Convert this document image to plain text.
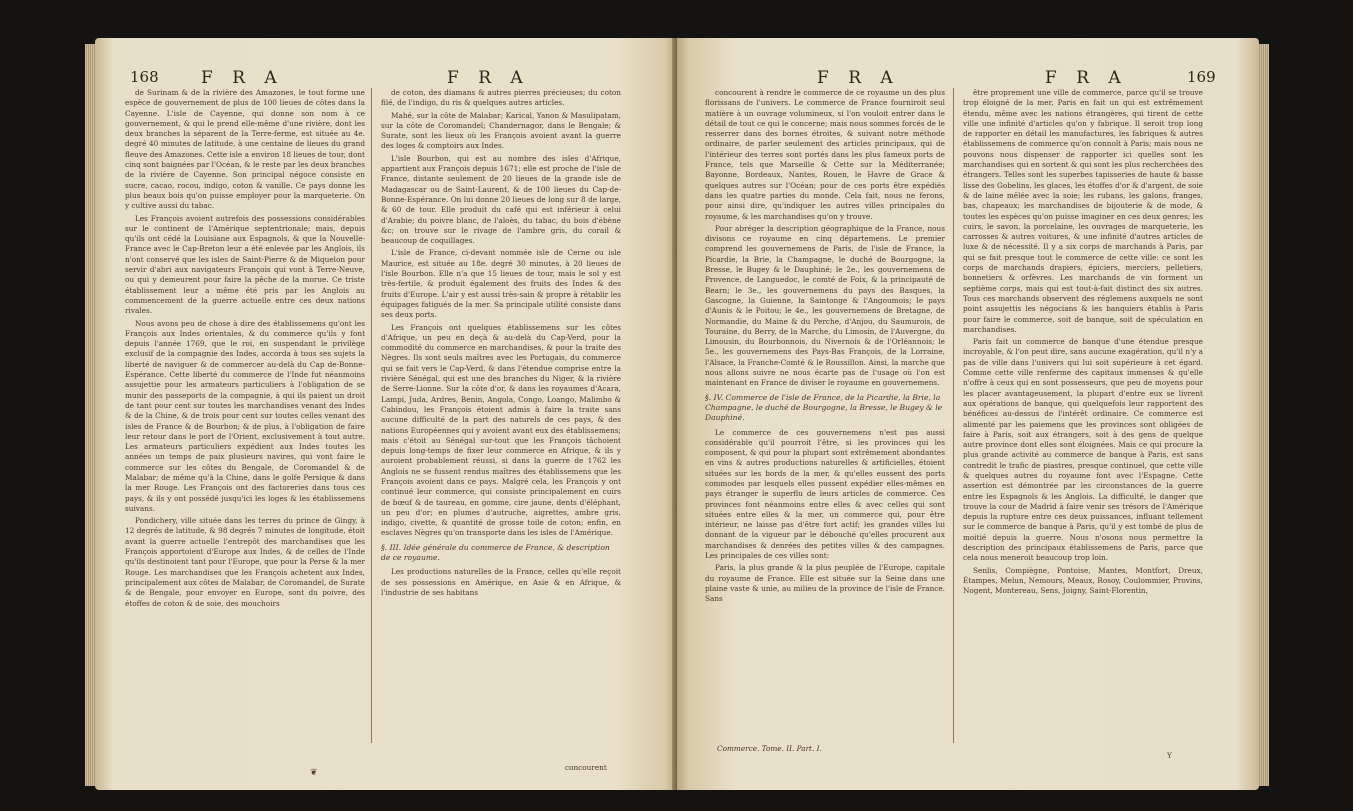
168 F R A	F R A

de Surinam & de la rivière des Amazones, le tout forme une espèce de gouvernement de plus de 100 lieues de côtes dans la Cayenne. L'isle de Cayenne, qui donne son nom à ce gouvernement, & qui le prend elle-même d'une rivière, dont les deux branches la séparent de la Terre-ferme, est située au 4e. degré 40 minutes de latitude, à une centaine de lieues du grand fleuve des Amazones. Cette isle a environ 18 lieues de tour, dont cinq sont baignées par l'Océan, & le reste par les deux branches de la rivière de Cayenne. Son principal négoce consiste en sucre, cacao, rocou, indigo, coton & vanille. Ce pays donne les plus beaux bois qu'on puisse employer pour la marqueterie. On y cultive aussi du tabac.

Les François avoient autrefois des possessions considérables sur le continent de l'Amérique septentrionale; mais, depuis qu'ils ont cédé la Louisiane aux Espagnols, & que la Nouvelle-France avec le Cap-Breton leur a été enlevée par les Anglois, ils n'ont conservé que les isles de Saint-Pierre & de Miquelon pour servir d'abri aux navigateurs François qui vont à Terre-Neuve, ou qui y demeurent pour faire la pêche de la morue. Ce triste établissement leur a même été pris par les Anglois au commencement de la guerre actuelle entre ces deux nations rivales.

Nous avons peu de chose à dire des établissemens qu'ont les François aux Indes orientales, & du commerce qu'ils y font depuis l'année 1769, que le roi, en suspendant le privilège exclusif de la compagnie des Indes, accorda à tous ses sujets la liberté de naviguer & de commercer au-delà du Cap de-Bonne-Espérance. Cette liberté du commerce de l'Inde fut néanmoins assujettie pour les armateurs particuliers à l'obligation de se munir des passeports de la compagnie, à qui ils paient un droit de tant pour cent sur toutes les marchandises venant des Indes & de la Chine, & de trois pour cent sur toutes celles venant des isles de France & de Bourbon; & de plus, à l'obligation de faire leur retour dans le port de l'Orient, exclusivement à tout autre. Les armateurs particuliers expédient aux Indes toutes les années un temps de paix plusieurs navires, qui vont faire le commerce sur les côtes du Bengale, de Coromandel & de Malabar; de même qu'à la Chine, dans le golfe Persique & dans la mer Rouge. Les François ont des factoreries dans tous ces pays, & ils y ont possédé jusqu'ici les loges & les établissemens suivans.

Pondichery, ville située dans les terres du prince de Gingy, à 12 degrés de latitude, & 98 degrés 7 minutes de longitude, étoit avant la guerre actuelle l'entrepôt des marchandises que les François apportoient d'Europe aux Indes, & de celles de l'Inde qu'ils destinoient tant pour l'Europe, que pour la Perse & la mer Rouge. Les marchandises que les François achetent aux Indes, principalement aux côtes de Malabar, de Coromandel, de Surate & de Bengale, pour envoyer en Europe, sont du poivre, des étoffes de coton & de soie, des mouchoirs

de coton, des diamans & autres pierres précieuses; du coton filé, de l'indigo, du ris & quelques autres articles.

Mahé, sur la côte de Malabar; Karical, Yanon & Masulipatam, sur la côte de Coromandel; Chandernagor, dans le Bengale; & Surate, sont les lieux où les François avoient avant la guerre des loges & comptoirs aux Indes.

L'isle Bourbon, qui est au nombre des isles d'Afrique, appartient aux François depuis 1671; elle est proche de l'isle de France, distante seulement de 20 lieues de la grande isle de Madagascar ou de Saint-Laurent, & de 100 lieues du Cap-de-Bonne-Espérance. On lui donne 20 lieues de long sur 8 de large, & 60 de tour. Elle produit du café qui est inférieur à celui d'Arabie; du poivre blanc, de l'aloès, du tabac, du bois d'ébène &c; on trouve sur le rivage de l'ambre gris, du corail & beaucoup de coquillages.

L'isle de France, ci-devant nommée isle de Cerne ou isle Maurice, est située au 18e. degré 30 minutes, à 20 lieues de l'isle Bourbon. Elle n'a que 15 lieues de tour, mais le sol y est très-fertile, & produit également des fruits des Indes & des fruits d'Europe. L'air y est aussi très-sain & propre à rétablir les équipages fatigués de la mer. Sa principale utilité consiste dans ses deux ports.

Les François ont quelques établissemens sur les côtes d'Afrique, un peu en deçà & au-delà du Cap-Verd, pour la commodité du commerce en marchandises, & pour la traite des Nègres. Ils sont seuls maîtres avec les Portugais, du commerce qui se fait vers le Cap-Verd, & dans l'étendue comprise entre la rivière Sénégal, qui est une des branches du Niger, & la rivière de Serre-Lionne. Sur la côte d'or, & dans les royaumes d'Acara, Lampi, Juda, Ardres, Benin, Angola, Congo, Loango, Malimbo & Cabindou, les François étoient admis à faire la traite sans aucune difficulté de la part des naturels de ces pays, & des nations Européennes qui y avoient avant eux des établissemens; mais c'étoit au Sénégal sur-tout que les François tâchoient depuis long-temps de fixer leur commerce en Afrique, & ils y auroient probablement réussi, si dans la guerre de 1762 les Anglois ne se fussent rendus maîtres des établissemens que les François avoient dans ce pays. Malgré cela, les François y ont continué leur commerce, qui consiste principalement en cuirs de bœuf & de taureau, en gomme, cire jaune, dents d'éléphant, un peu d'or; en plumes d'autruche, aigrettes, ambre gris, indigo, civette, & quantité de grosse toile de coton; enfin, en esclaves Nègres qu'on transporte dans les isles de l'Amérique.

§. III. Idée générale du commerce de France, & description de ce royaume.

Les productions naturelles de la France, celles qu'elle reçoit de ses possessions en Amérique, en Asie & en Afrique, & l'industrie de ses habitans

concourent
❦
F R A	F R A	169

concourent à rendre le commerce de ce royaume un des plus florissans de l'univers. Le commerce de France fourniroit seul matière à un ouvrage volumineux, si l'on vouloit entrer dans le détail de tout ce qui le concerne; mais nous sommes forcés de le resserrer dans des bornes étroites, & suivant notre méthode ordinaire, de parler seulement des articles principaux, qui de l'intérieur des terres sont portés dans les plus fameux ports de France, tels que Marseille & Cette sur la Méditerranée; Bayonne, Bordeaux, Nantes, Rouen, le Havre de Grace & quelques autres sur l'Océan; pour de ces ports être expédiés dans les quatre parties du monde. Cela fait, nous ne ferons, pour ainsi dire, qu'indiquer les autres villes principales du royaume, & les marchandises qu'on y trouve.

Pour abréger la description géographique de la France, nous divisons ce royaume en cinq départemens. Le premier comprend les gouvernemens de Paris, de l'isle de France, la Picardie, la Brie, la Champagne, le duché de Bourgogne, la Bresse, le Bugey & le Dauphiné; le 2e., les gouvernemens de Provence, de Languedoc, le comté de Foix, & la principauté de Bearn; le 3e., les gouvernemens du pays des Basques, la Gascogne, la Guienne, la Saintonge & l'Angoumois; le pays d'Aunis & le Poitou; le 4e., les gouvernemens de Bretagne, de Normandie, du Maine & du Perche, d'Anjou, du Saumurois, de Touraine, du Berry, de la Marche, du Limosin, de l'Auvergne, du Limousin, du Bourbonnois, du Nivernois & de l'Orléannois; le 5e., les gouvernemens des Pays-Bas François, de la Lorraine, l'Alsace, la Franche-Comté & le Roussillon. Ainsi, la marche que nous allons suivre ne nous écarte pas de l'usage où l'on est maintenant en France de diviser le royaume en gouvernemens.

§. IV. Commerce de l'isle de France, de la Picardie, la Brie, la Champagne, le duché de Bourgogne, la Bresse, le Bugey & le Dauphiné.

Le commerce de ces gouvernemens n'est pas aussi considérable qu'il pourroit l'être, si les provinces qui les composent, & qui pour la plupart sont extrêmement abondantes en vins & autres productions naturelles & artificielles, étoient situées sur les bords de la mer, & qu'elles eussent des ports commodes par lesquels elles pussent expédier elles-mêmes en pays étranger le superflu de leurs articles de commerce. Ces provinces font néanmoins entre elles & avec celles qui sont situées entre elles & la mer, un commerce qui, pour être intérieur, ne laisse pas d'être fort actif; les grandes villes lui donnant de la vigueur par le débouché qu'elles procurent aux marchandises & denrées des petites villes & des campagnes. Les principales de ces villes sont:

Paris, la plus grande & la plus peuplée de l'Europe, capitale du royaume de France. Elle est située sur la Seine dans une plaine vaste & unie, au milieu de la province de l'isle de France. Sans

Commerce. Tome. II. Part. I.

être proprement une ville de commerce, parce qu'il se trouve trop éloigné de la mer, Paris en fait un qui est extrêmement étendu, même avec les nations étrangères, qui tirent de cette ville une infinité d'articles qu'on y fabrique. Il seroit trop long de rapporter en détail les manufactures, les fabriques & autres établissemens de commerce qu'on connoît à Paris; mais nous ne pouvons nous dispenser de rapporter ici quelles sont les marchandises qui en sortent & qui sont les plus recherchées des étrangers. Telles sont les superbes tapisseries de haute & basse lisse des Gobelins, les glaces, les étoffes d'or & d'argent, de soie & de laine mêlée avec la soie; les rubans, les galons, franges, bas, chapeaux; les marchandises de bijouterie & de mode, & toutes les espèces qu'on puisse imaginer en ces deux genres; les cuirs, le savon, la porcelaine, les ouvrages de marqueterie, les carrosses & autres voitures, & une infinité d'autres articles de luxe & de nécessité. Il y a six corps de marchands à Paris, par qui se fait presque tout le commerce de cette ville: ce sont les corps de marchands drapiers, épiciers, merciers, pelletiers, bonnetiers & orfèvres. Les marchands de vin forment un septième corps, mais qui est tout-à-fait distinct des six autres. Tous ces marchands observent des réglemens auxquels ne sont point assujettis les négocians & les banquiers établis à Paris pour faire le commerce, soit de banque, soit de spéculation en marchandises.

Paris fait un commerce de banque d'une étendue presque incroyable, & l'on peut dire, sans aucune exagération, qu'il n'y a pas de ville dans l'univers qui lui soit supérieure à cet égard. Comme cette ville renferme des capitaux immenses & qu'elle n'offre à ceux qui en sont possesseurs, que peu de moyens pour les placer avantageusement, la plupart d'entre eux se livrent aux opérations de banque, qui quelquefois leur rapportent des bénéfices au-dessus de l'intérêt ordinaire. Ce commerce est alimenté par les paiemens que les provinces sont obligées de faire à Paris, soit aux étrangers, soit à des gens de quelque autre province dont elles sont éloignées. Mais ce qui procure la plus grande activité au commerce de banque à Paris, est sans contredit le trafic de piastres, presque continuel, que cette ville & quelques autres du royaume font avec l'Espagne. Cette assertion est démontrée par les circonstances de la guerre entre les Espagnols & les Anglois. La difficulté, le danger que trouve la cour de Madrid à faire venir ses trésors de l'Amérique depuis la rupture entre ces deux puissances, influant tellement sur le commerce de banque à Paris, qu'il y est tombé de plus de moitié depuis la guerre. Nous n'osons nous permettre la description des principaux établissemens de Paris, parce que cela nous meneroit beaucoup trop loin.

Senlis, Compiègne, Pontoise, Mantes, Montfort, Dreux, Étampes, Melun, Nemours, Meaux, Rosoy, Coulommier, Provins, Nogent, Montereau, Sens, Joigny, Saint-Florentin,

Y
